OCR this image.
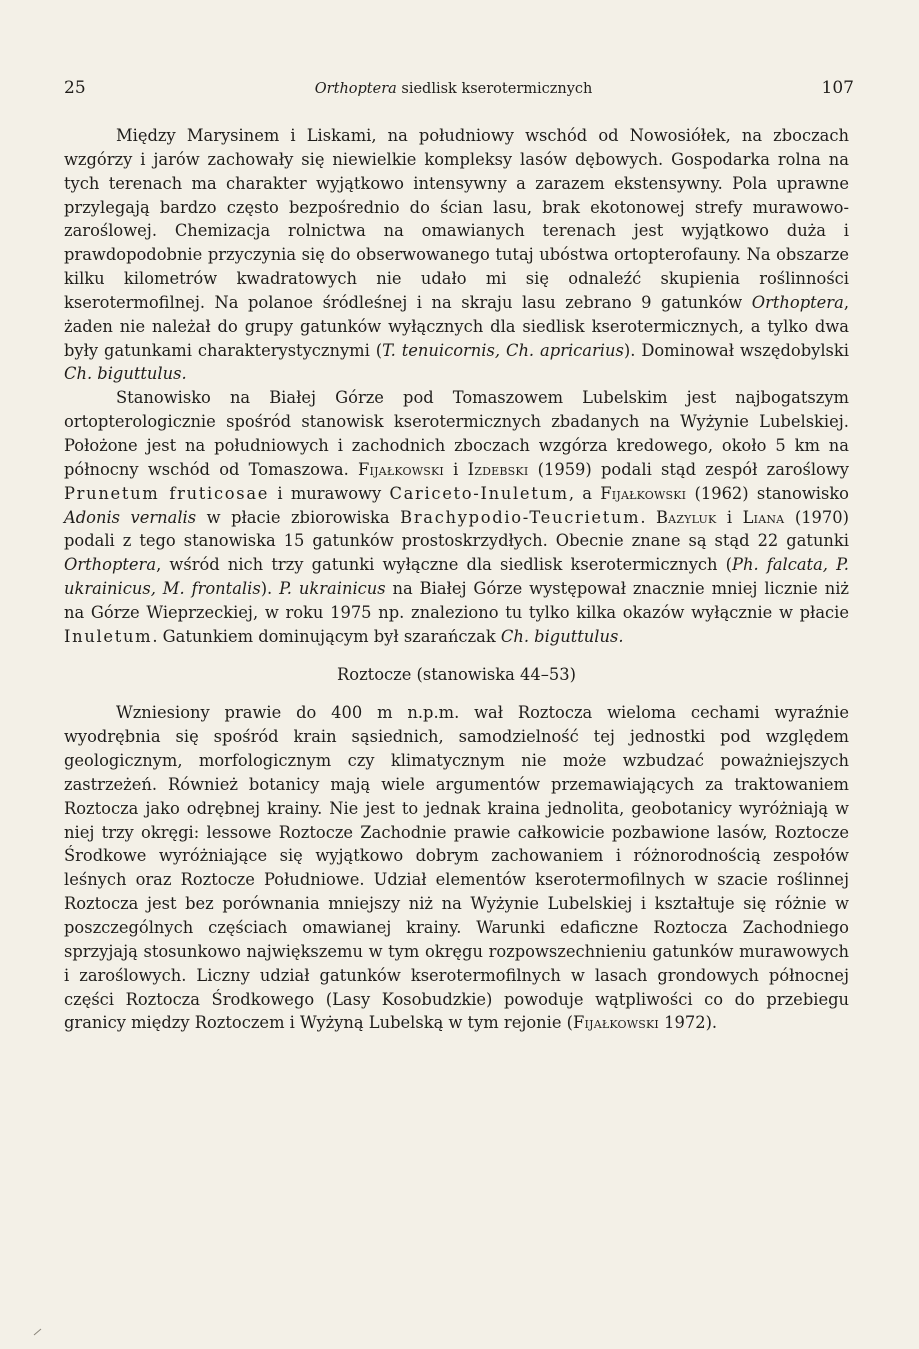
25	Orthoptera siedlisk kserotermicznych	107

Między Marysinem i Liskami, na południowy wschód od Nowosiółek, na zboczach wzgórzy i jarów zachowały się niewielkie kompleksy lasów dębowych. Gospodarka rolna na tych terenach ma charakter wyjątkowo intensywny a zarazem ekstensywny. Pola uprawne przylegają bardzo często bezpośrednio do ścian lasu, brak ekotonowej strefy murawowo-zaroślowej. Chemizacja rolnictwa na omawianych terenach jest wyjątkowo duża i prawdopodobnie przyczynia się do obserwowanego tutaj ubóstwa ortopterofauny. Na obszarze kilku kilometrów kwadratowych nie udało mi się odnaleźć skupienia roślinności kserotermofilnej. Na polanoe śródleśnej i na skraju lasu zebrano 9 gatunków Orthoptera, żaden nie należał do grupy gatunków wyłącznych dla siedlisk kserotermicznych, a tylko dwa były gatunkami charakterystycznymi (T. tenuicornis, Ch. apricarius). Dominował wszędobylski Ch. biguttulus.

Stanowisko na Białej Górze pod Tomaszowem Lubelskim jest najbogatszym ortopterologicznie spośród stanowisk kserotermicznych zbadanych na Wyżynie Lubelskiej. Położone jest na południowych i zachodnich zboczach wzgórza kredowego, około 5 km na północny wschód od Tomaszowa. Fijałkowski i Izdebski (1959) podali stąd zespół zaroślowy Prunetum fruticosae i murawowy Cariceto-Inuletum, a Fijałkowski (1962) stanowisko Adonis vernalis w płacie zbiorowiska Brachypodio-Teucrietum. Bazyluk i Liana (1970) podali z tego stanowiska 15 gatunków prostoskrzydłych. Obecnie znane są stąd 22 gatunki Orthoptera, wśród nich trzy gatunki wyłączne dla siedlisk kserotermicznych (Ph. falcata, P. ukrainicus, M. frontalis). P. ukrainicus na Białej Górze występował znacznie mniej licznie niż na Górze Wieprzeckiej, w roku 1975 np. znaleziono tu tylko kilka okazów wyłącznie w płacie Inuletum. Gatunkiem dominującym był szarańczak Ch. biguttulus.

Roztocze (stanowiska 44–53)

Wzniesiony prawie do 400 m n.p.m. wał Roztocza wieloma cechami wyraźnie wyodrębnia się spośród krain sąsiednich, samodzielność tej jednostki pod względem geologicznym, morfologicznym czy klimatycznym nie może wzbudzać poważniejszych zastrzeżeń. Również botanicy mają wiele argumentów przemawiających za traktowaniem Roztocza jako odrębnej krainy. Nie jest to jednak kraina jednolita, geobotanicy wyróżniają w niej trzy okręgi: lessowe Roztocze Zachodnie prawie całkowicie pozbawione lasów, Roztocze Środkowe wyróżniające się wyjątkowo dobrym zachowaniem i różnorodnością zespołów leśnych oraz Roztocze Południowe. Udział elementów kserotermofilnych w szacie roślinnej Roztocza jest bez porównania mniejszy niż na Wyżynie Lubelskiej i kształtuje się różnie w poszczególnych częściach omawianej krainy. Warunki edaficzne Roztocza Zachodniego sprzyjają stosunkowo największemu w tym okręgu rozpowszechnieniu gatunków murawowych i zaroślowych. Liczny udział gatunków kserotermofilnych w lasach grondowych północnej części Roztocza Środkowego (Lasy Kosobudzkie) powoduje wątpliwości co do przebiegu granicy między Roztoczem i Wyżyną Lubelską w tym rejonie (Fijałkowski 1972).
